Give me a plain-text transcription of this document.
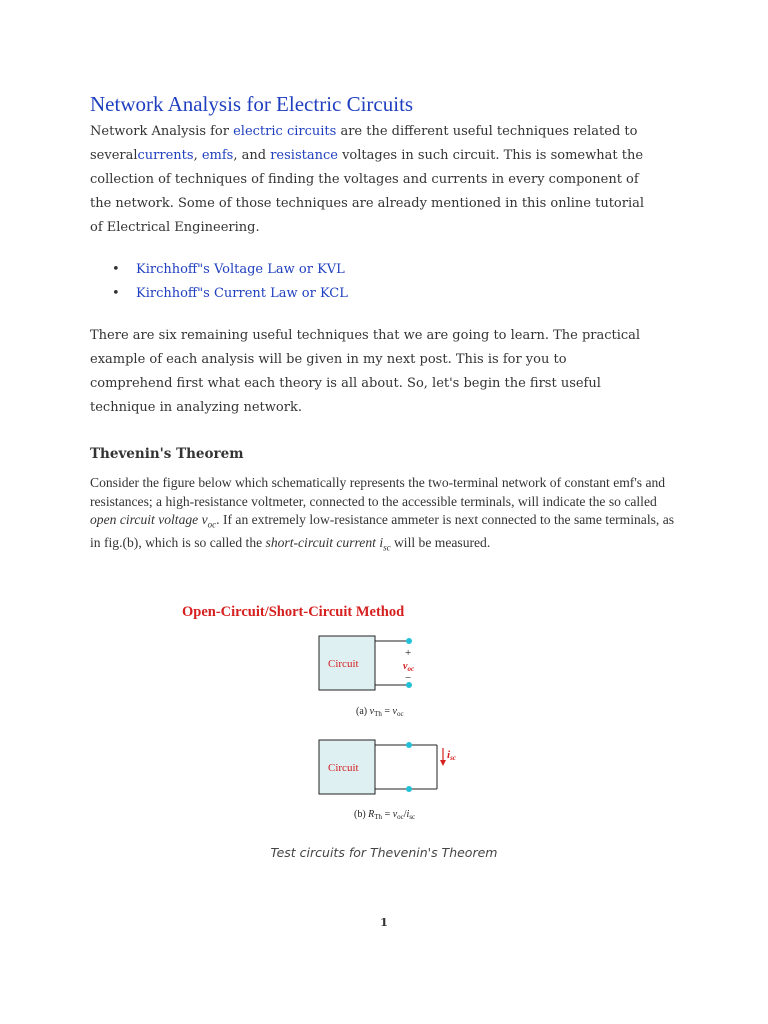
Network Analysis for Electric Circuits

Network Analysis for electric circuits are the different useful techniques related to severalcurrents, emfs, and resistance voltages in such circuit. This is somewhat the collection of techniques of finding the voltages and currents in every component of the network. Some of those techniques are already mentioned in this online tutorial of Electrical Engineering.

• Kirchhoff"s Voltage Law or KVL
• Kirchhoff"s Current Law or KCL

There are six remaining useful techniques that we are going to learn. The practical example of each analysis will be given in my next post. This is for you to comprehend first what each theory is all about. So, let's begin the first useful technique in analyzing network.

Thevenin's Theorem

Consider the figure below which schematically represents the two-terminal network of constant emf's and resistances; a high-resistance voltmeter, connected to the accessible terminals, will indicate the so called open circuit voltage $v_{oc}$. If an extremely low-resistance ammeter is next connected to the same terminals, as in fig.(b), which is so called the short-circuit current $i_{sc}$ will be measured.

Open-Circuit/Short-Circuit Method
Circuit
+
$v_{oc}$
−
(a) $v_{Th} = v_{oc}$
Circuit
isc
(b) $R_{Th} = v_{oc}/i_{sc}$
Test circuits for Thevenin's Theorem
1
